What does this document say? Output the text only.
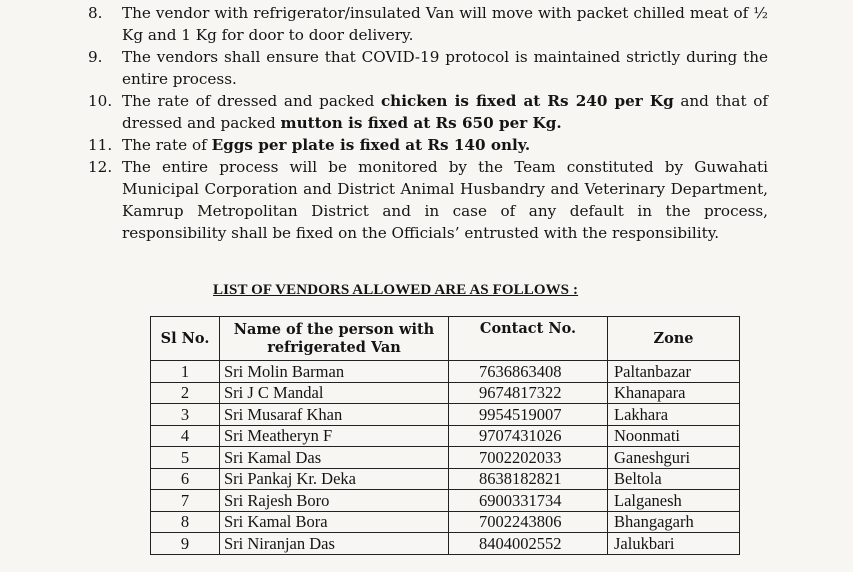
8.	The vendor with refrigerator/insulated Van will move with packet chilled meat of ½ Kg and 1 Kg for door to door delivery.
9.	The vendors shall ensure that COVID-19 protocol is maintained strictly during the entire process.
10. The rate of dressed and packed chicken is fixed at Rs 240 per Kg and that of dressed and packed mutton is fixed at Rs 650 per Kg.
11. The rate of Eggs per plate is fixed at Rs 140 only.
12. The entire process will be monitored by the Team constituted by Guwahati Municipal Corporation and District Animal Husbandry and Veterinary Department, Kamrup Metropolitan District and in case of any default in the process, responsibility shall be fixed on the Officials’ entrusted with the responsibility.
LIST OF VENDORS ALLOWED ARE AS FOLLOWS :
Sl No.	Name of the person with refrigerated Van	Contact No.	Zone
1	Sri Molin Barman	7636863408	Paltanbazar
2	Sri J C Mandal	9674817322	Khanapara
3	Sri Musaraf Khan	9954519007	Lakhara
4	Sri Meatheryn F	9707431026	Noonmati
5	Sri Kamal Das	7002202033	Ganeshguri
6	Sri Pankaj Kr. Deka	8638182821	Beltola
7	Sri Rajesh Boro	6900331734	Lalganesh
8	Sri Kamal Bora	7002243806	Bhangagarh
9	Sri Niranjan Das	8404002552	Jalukbari
